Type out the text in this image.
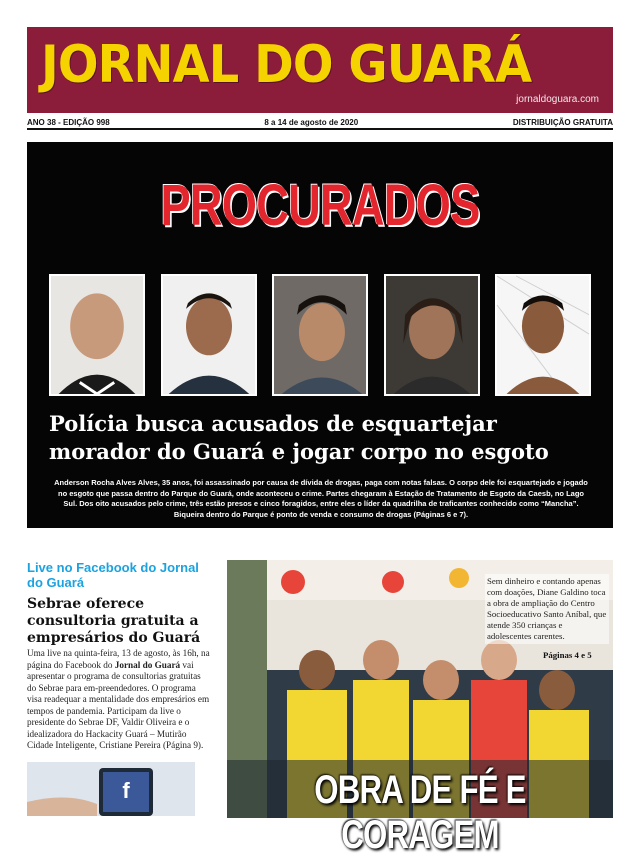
JORNAL DO GUARÁ
jornaldoguara.com
ANO 38 - EDIÇÃO 998	8 a 14 de agosto de 2020	DISTRIBUIÇÃO GRATUITA
PROCURADOS
Polícia busca acusados de esquartejar morador do Guará e jogar corpo no esgoto
Anderson Rocha Alves Alves, 35 anos, foi assassinado por causa de dívida de drogas, paga com notas falsas. O corpo dele foi esquartejado e jogado no esgoto que passa dentro do Parque do Guará, onde aconteceu o crime. Partes chegaram à Estação de Tratamento de Esgoto da Caesb, no Lago Sul. Dos oito acusados pelo crime, três estão presos e cinco foragidos, entre eles o líder da quadrilha de traficantes conhecido como “Mancha”. Biqueira dentro do Parque é ponto de venda e consumo de drogas (Páginas 6 e 7).
Live no Facebook do Jornal do Guará
Sebrae oferece consultoria gratuita a empresários do Guará
Uma live na quinta-feira, 13 de agosto, às 16h, na página do Facebook do Jornal do Guará vai apresentar o programa de consultorias gratuitas do Sebrae para em-preendedores. O programa visa readequar a mentalidade dos empresários em tempos de pandemia. Participam da live o presidente do Sebrae DF, Valdir Oliveira e o idealizadora do Hackacity Guará – Mutirão Cidade Inteligente, Cristiane Pereira (Página 9).
f
Sem dinheiro e contando apenas com doações, Diane Galdino toca a obra de ampliação do Centro Socioeducativo Santo Aníbal, que atende 350 crianças e adolescentes carentes.
Páginas 4 e 5
OBRA DE FÉ E CORAGEM
